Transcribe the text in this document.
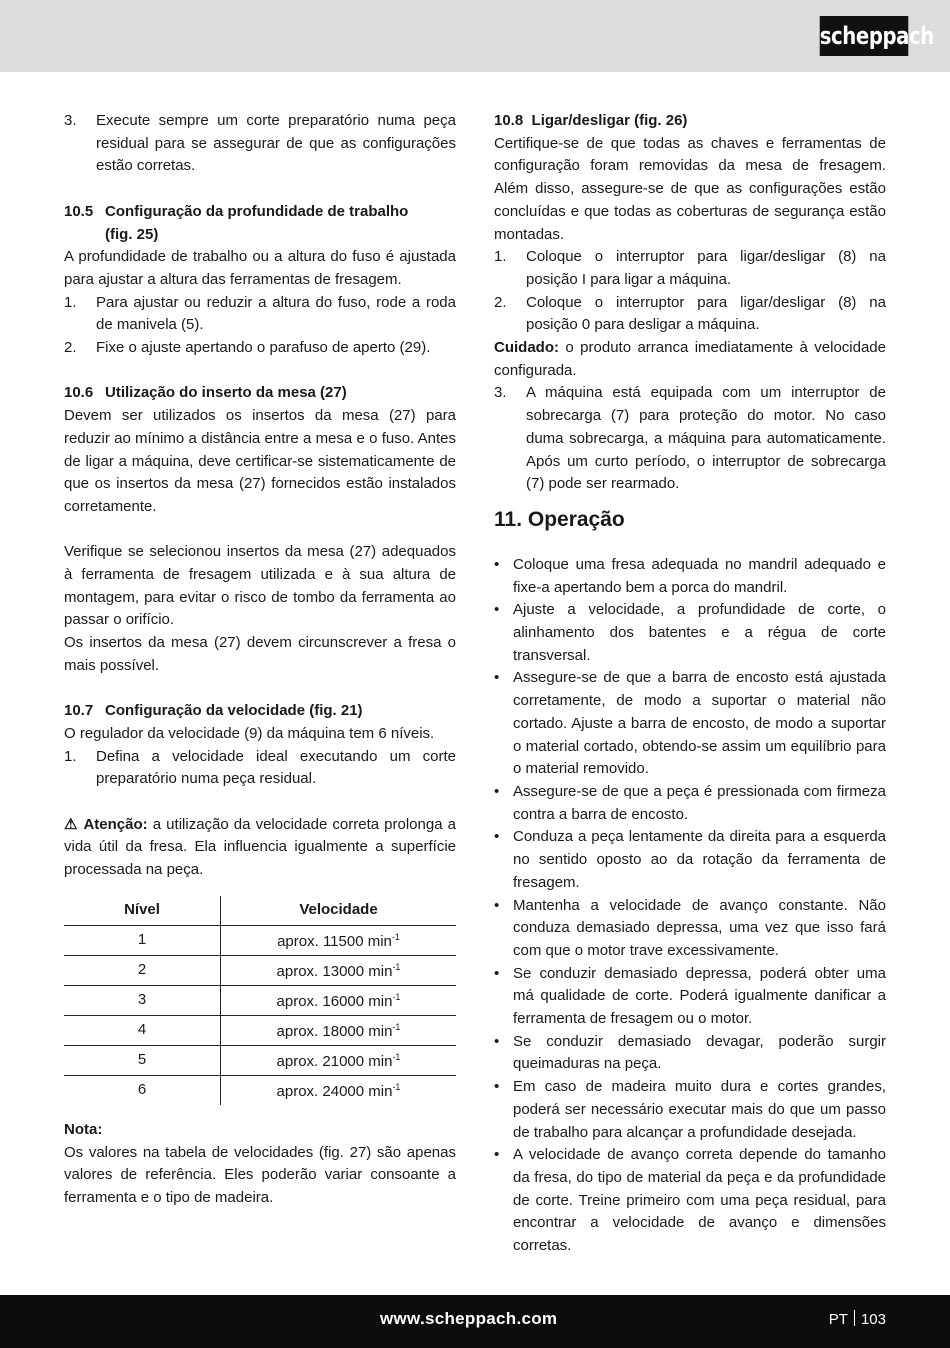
scheppach
3.	Execute sempre um corte preparatório numa peça residual para se assegurar de que as configurações estão corretas.
10.5 Configuração da profundidade de trabalho
(fig. 25)

A profundidade de trabalho ou a altura do fuso é ajustada para ajustar a altura das ferramentas de fresagem.

1.	Para ajustar ou reduzir a altura do fuso, rode a roda de manivela (5).
2.	Fixe o ajuste apertando o parafuso de aperto (29).
10.6 Utilização do inserto da mesa (27)

Devem ser utilizados os insertos da mesa (27) para reduzir ao mínimo a distância entre a mesa e o fuso. Antes de ligar a máquina, deve certificar-se sistematicamente de que os insertos da mesa (27) fornecidos estão instalados corretamente.

Verifique se selecionou insertos da mesa (27) adequados à ferramenta de fresagem utilizada e à sua altura de montagem, para evitar o risco de tombo da ferramenta ao passar o orifício.

Os insertos da mesa (27) devem circunscrever a fresa o mais possível.

10.7 Configuração da velocidade (fig. 21)

O regulador da velocidade (9) da máquina tem 6 níveis.

1.	Defina a velocidade ideal executando um corte preparatório numa peça residual.

⚠ Atenção: a utilização da velocidade correta prolonga a vida útil da fresa. Ela influencia igualmente a superfície processada na peça.

Nível	Velocidade
1	aprox. 11500 $\min^{-1}$
2	aprox. 13000 $\min^{-1}$
3	aprox. 16000 $\min^{-1}$
4	aprox. 18000 $\min^{-1}$
5	aprox. 21000 $\min^{-1}$
6	aprox. 24000 $\min^{-1}$
Nota:

Os valores na tabela de velocidades (fig. 27) são apenas valores de referência. Eles poderão variar consoante a ferramenta e o tipo de madeira.

10.8 Ligar/desligar (fig. 26)

Certifique-se de que todas as chaves e ferramentas de configuração foram removidas da mesa de fresagem. Além disso, assegure-se de que as configurações estão concluídas e que todas as coberturas de segurança estão montadas.

1.	Coloque o interruptor para ligar/desligar (8) na posição I para ligar a máquina.
2.	Coloque o interruptor para ligar/desligar (8) na posição 0 para desligar a máquina.

Cuidado: o produto arranca imediatamente à velocidade configurada.

3.	A máquina está equipada com um interruptor de sobrecarga (7) para proteção do motor. No caso duma sobrecarga, a máquina para automaticamente. Após um curto período, o interruptor de sobrecarga (7) pode ser rearmado.
11. Operação
• Coloque uma fresa adequada no mandril adequado e fixe-a apertando bem a porca do mandril.
• Ajuste a velocidade, a profundidade de corte, o alinhamento dos batentes e a régua de corte transversal.
• Assegure-se de que a barra de encosto está ajustada corretamente, de modo a suportar o material não cortado. Ajuste a barra de encosto, de modo a suportar o material cortado, obtendo-se assim um equilíbrio para o material removido.
• Assegure-se de que a peça é pressionada com firmeza contra a barra de encosto.
• Conduza a peça lentamente da direita para a esquerda no sentido oposto ao da rotação da ferramenta de fresagem.
• Mantenha a velocidade de avanço constante. Não conduza demasiado depressa, uma vez que isso fará com que o motor trave excessivamente.
• Se conduzir demasiado depressa, poderá obter uma má qualidade de corte. Poderá igualmente danificar a ferramenta de fresagem ou o motor.
• Se conduzir demasiado devagar, poderão surgir queimaduras na peça.
• Em caso de madeira muito dura e cortes grandes, poderá ser necessário executar mais do que um passo de trabalho para alcançar a profundidade desejada.
• A velocidade de avanço correta depende do tamanho da fresa, do tipo de material da peça e da profundidade de corte. Treine primeiro com uma peça residual, para encontrar a velocidade de avanço e dimensões corretas.
www.scheppach.com	PT 103
